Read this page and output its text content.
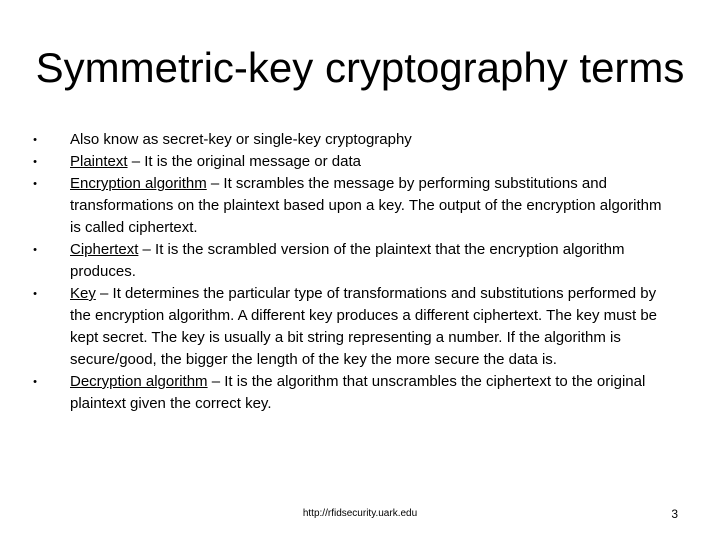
Symmetric-key cryptography terms
• Also know as secret-key or single-key cryptography
• Plaintext – It is the original message or data
• Encryption algorithm – It scrambles the message by performing substitutions and transformations on the plaintext based upon a key. The output of the encryption algorithm is called ciphertext.
• Ciphertext – It is the scrambled version of the plaintext that the encryption algorithm produces.
• Key – It determines the particular type of transformations and substitutions performed by the encryption algorithm. A different key produces a different ciphertext. The key must be kept secret. The key is usually a bit string representing a number. If the algorithm is secure/good, the bigger the length of the key the more secure the data is.
• Decryption algorithm – It is the algorithm that unscrambles the ciphertext to the original plaintext given the correct key.
http://rfidsecurity.uark.edu	3
